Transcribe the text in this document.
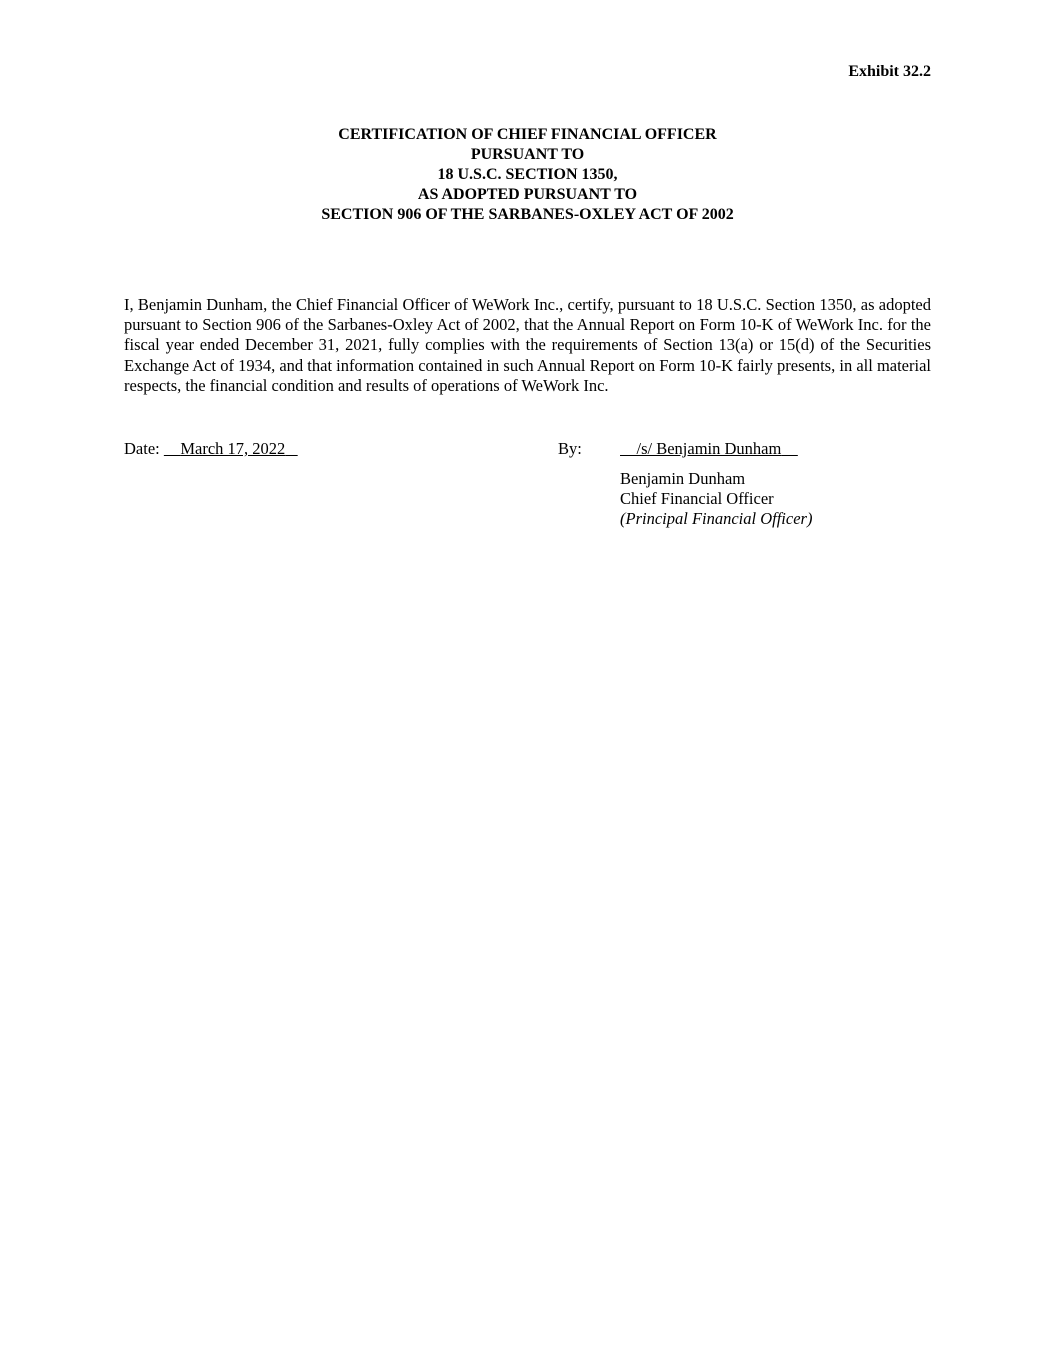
Exhibit 32.2
CERTIFICATION OF CHIEF FINANCIAL OFFICER
PURSUANT TO
18 U.S.C. SECTION 1350,
AS ADOPTED PURSUANT TO
SECTION 906 OF THE SARBANES-OXLEY ACT OF 2002
I, Benjamin Dunham, the Chief Financial Officer of WeWork Inc., certify, pursuant to 18 U.S.C. Section 1350, as adopted pursuant to Section 906 of the Sarbanes-Oxley Act of 2002, that the Annual Report on Form 10-K of WeWork Inc. for the fiscal year ended December 31, 2021, fully complies with the requirements of Section 13(a) or 15(d) of the Securities Exchange Act of 1934, and that information contained in such Annual Report on Form 10-K fairly presents, in all material respects, the financial condition and results of operations of WeWork Inc.
Date: March 17, 2022	By:	/s/ Benjamin Dunham
Benjamin Dunham
Chief Financial Officer
(Principal Financial Officer)
